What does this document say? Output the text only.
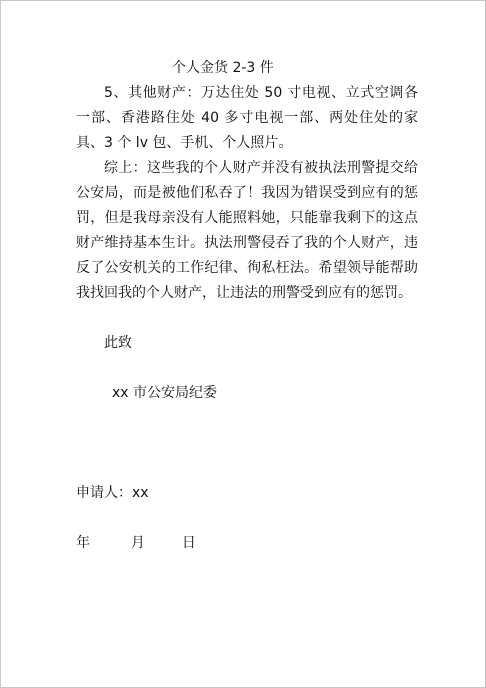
个人金货 2-3 件

5、其他财产：万达住处 50 寸电视、立式空调各一部、香港路住处 40 多寸电视一部、两处住处的家具、3 个 lv 包、手机、个人照片。

综上：这些我的个人财产并没有被执法刑警提交给公安局，而是被他们私吞了！我因为错误受到应有的惩罚，但是我母亲没有人能照料她，只能靠我剩下的这点财产维持基本生计。执法刑警侵吞了我的个人财产，违反了公安机关的工作纪律、徇私枉法。希望领导能帮助我找回我的个人财产，让违法的刑警受到应有的惩罚。

此致
xx 市公安局纪委
申请人：xx
年	月	日
